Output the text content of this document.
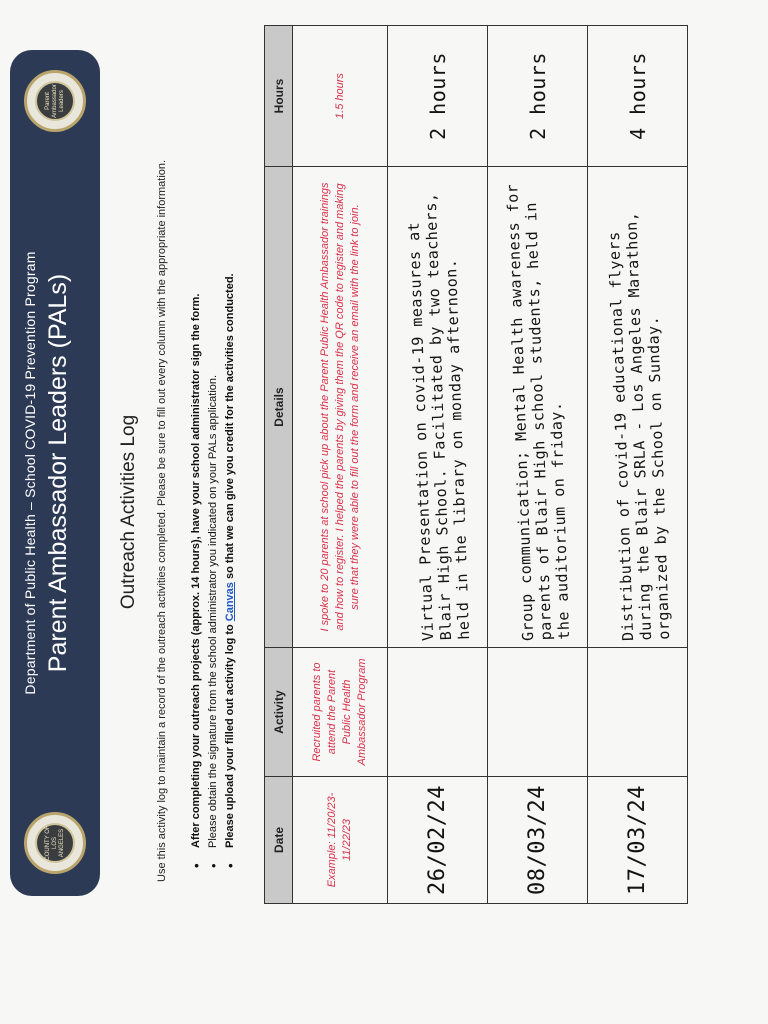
COUNTY OF LOS ANGELES
Department of Public Health – School COVID-19 Prevention Program Parent Ambassador Leaders (PALs)
Parent Ambassador Leaders
Outreach Activities Log Use this activity log to maintain a record of the outreach activities completed. Please be sure to fill out every column with the appropriate information. • After completing your outreach projects (approx. 14 hours), have your school administrator sign the form. • Please obtain the signature from the school administrator you indicated on your PALs application. • Please upload your filled out activity log to Canvas so that we can give you credit for the activities conducted.
Date	Activity	Details	Hours
Example: 11/20/23-11/22/23	Recruited parents to attend the Parent Public Health Ambassador Program	I spoke to 20 parents at school pick up about the Parent Public Health Ambassador trainings and how to register. I helped the parents by giving them the QR code to register and making sure that they were able to fill out the form and receive an email with the link to join.	1.5 hours
26/02/24		Virtual Presentation on covid-19 measures at Blair High School. Facilitated by two teachers, held in the library on monday afternoon.	2 hours
08/03/24		Group communication; Mental Health awareness for parents of Blair High school students, held in the auditorium on friday.	2 hours
17/03/24		Distribution of covid-19 educational flyers during the Blair SRLA - Los Angeles Marathon, organized by the School on Sunday.	4 hours
